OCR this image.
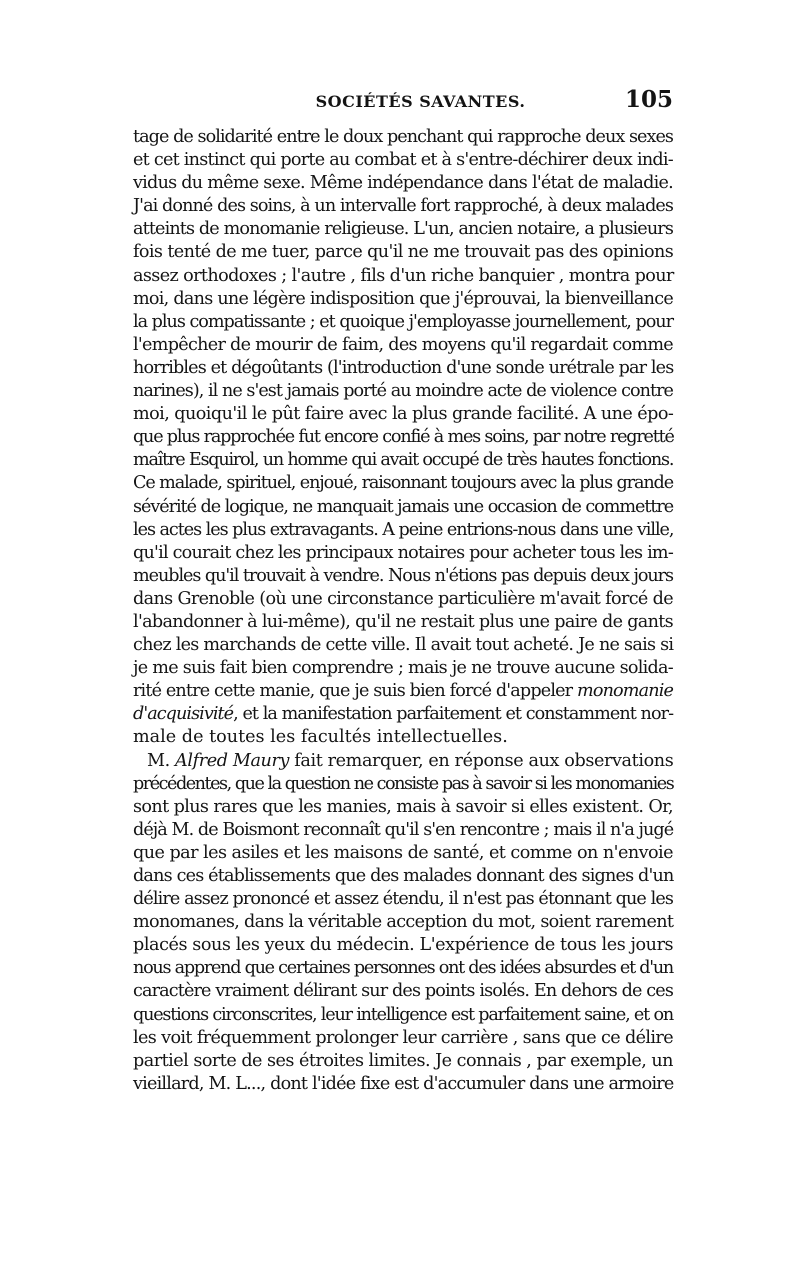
SOCIÉTÉS SAVANTES.	105
tage de solidarité entre le doux penchant qui rapproche deux sexes
et cet instinct qui porte au combat et à s'entre-déchirer deux indi-
vidus du même sexe. Même indépendance dans l'état de maladie.
J'ai donné des soins, à un intervalle fort rapproché, à deux malades
atteints de monomanie religieuse. L'un, ancien notaire, a plusieurs
fois tenté de me tuer, parce qu'il ne me trouvait pas des opinions
assez orthodoxes ; l'autre , fils d'un riche banquier , montra pour
moi, dans une légère indisposition que j'éprouvai, la bienveillance
la plus compatissante ; et quoique j'employasse journellement, pour
l'empêcher de mourir de faim, des moyens qu'il regardait comme
horribles et dégoûtants (l'introduction d'une sonde urétrale par les
narines), il ne s'est jamais porté au moindre acte de violence contre
moi, quoiqu'il le pût faire avec la plus grande facilité. A une épo-
que plus rapprochée fut encore confié à mes soins, par notre regretté
maître Esquirol, un homme qui avait occupé de très hautes fonctions.
Ce malade, spirituel, enjoué, raisonnant toujours avec la plus grande
sévérité de logique, ne manquait jamais une occasion de commettre
les actes les plus extravagants. A peine entrions-nous dans une ville,
qu'il courait chez les principaux notaires pour acheter tous les im-
meubles qu'il trouvait à vendre. Nous n'étions pas depuis deux jours
dans Grenoble (où une circonstance particulière m'avait forcé de
l'abandonner à lui-même), qu'il ne restait plus une paire de gants
chez les marchands de cette ville. Il avait tout acheté. Je ne sais si
je me suis fait bien comprendre ; mais je ne trouve aucune solida-
rité entre cette manie, que je suis bien forcé d'appeler monomanie
d'acquisivité, et la manifestation parfaitement et constamment nor-
male de toutes les facultés intellectuelles.
M. Alfred Maury fait remarquer, en réponse aux observations
précédentes, que la question ne consiste pas à savoir si les monomanies
sont plus rares que les manies, mais à savoir si elles existent. Or,
déjà M. de Boismont reconnaît qu'il s'en rencontre ; mais il n'a jugé
que par les asiles et les maisons de santé, et comme on n'envoie
dans ces établissements que des malades donnant des signes d'un
délire assez prononcé et assez étendu, il n'est pas étonnant que les
monomanes, dans la véritable acception du mot, soient rarement
placés sous les yeux du médecin. L'expérience de tous les jours
nous apprend que certaines personnes ont des idées absurdes et d'un
caractère vraiment délirant sur des points isolés. En dehors de ces
questions circonscrites, leur intelligence est parfaitement saine, et on
les voit fréquemment prolonger leur carrière , sans que ce délire
partiel sorte de ses étroites limites. Je connais , par exemple, un
vieillard, M. L..., dont l'idée fixe est d'accumuler dans une armoire
